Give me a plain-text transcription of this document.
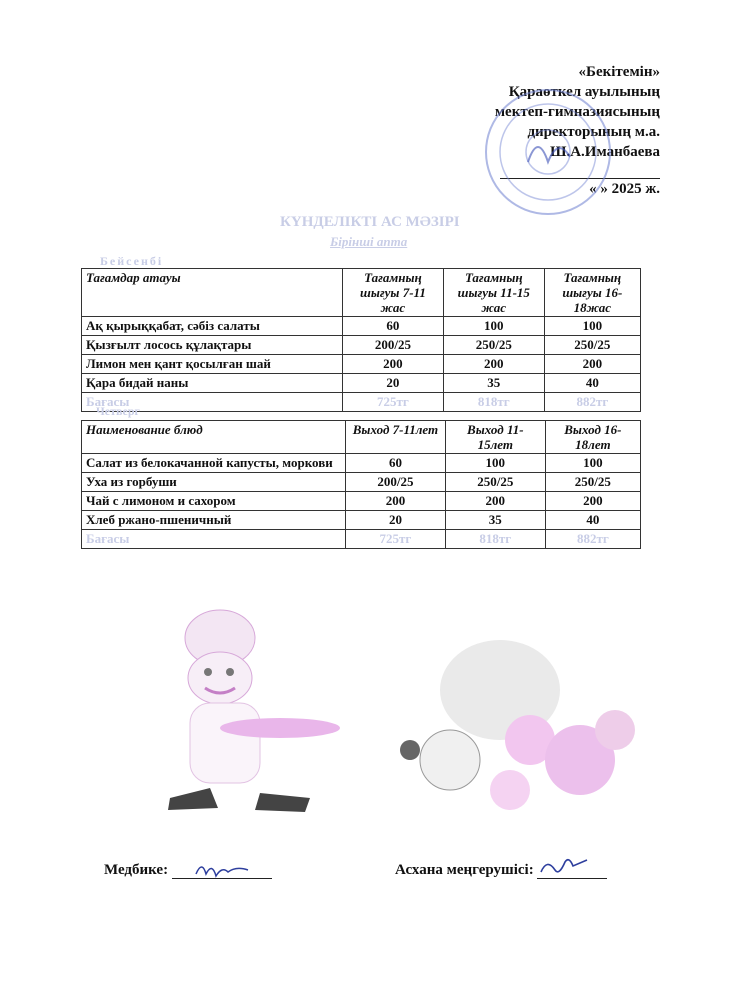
«Бекітемін»
Қараөткел ауылының
мектеп-гимназиясының
директорының м.а.
Ш.А.Иманбаева
« » 2025 ж.
КҮНДЕЛІКТІ АС МӘЗІРІ
Бірінші апта
Бейсенбі
Тағамдар атауы	Тағамның шығуы 7-11 жас	Тағамның шығуы 11-15 жас	Тағамның шығуы 16-18жас
Ақ қырыққабат, сәбіз салаты	60	100	100
Қызғылт лосось құлақтары	200/25	250/25	250/25
Лимон мен қант қосылған шай	200	200	200
Қара бидай наны	20	35	40
Бағасы	725тг	818тг	882тг
Четверг
Наименование блюд	Выход 7-11лет	Выход 11-15лет	Выход 16-18лет
Салат из белокачанной капусты, моркови	60	100	100
Уха из горбуши	200/25	250/25	250/25
Чай с лимоном и сахором	200	200	200
Хлеб ржано-пшеничный	20	35	40
Бағасы	725тг	818тг	882тг
Медбике:	Асхана меңгерушісі:
